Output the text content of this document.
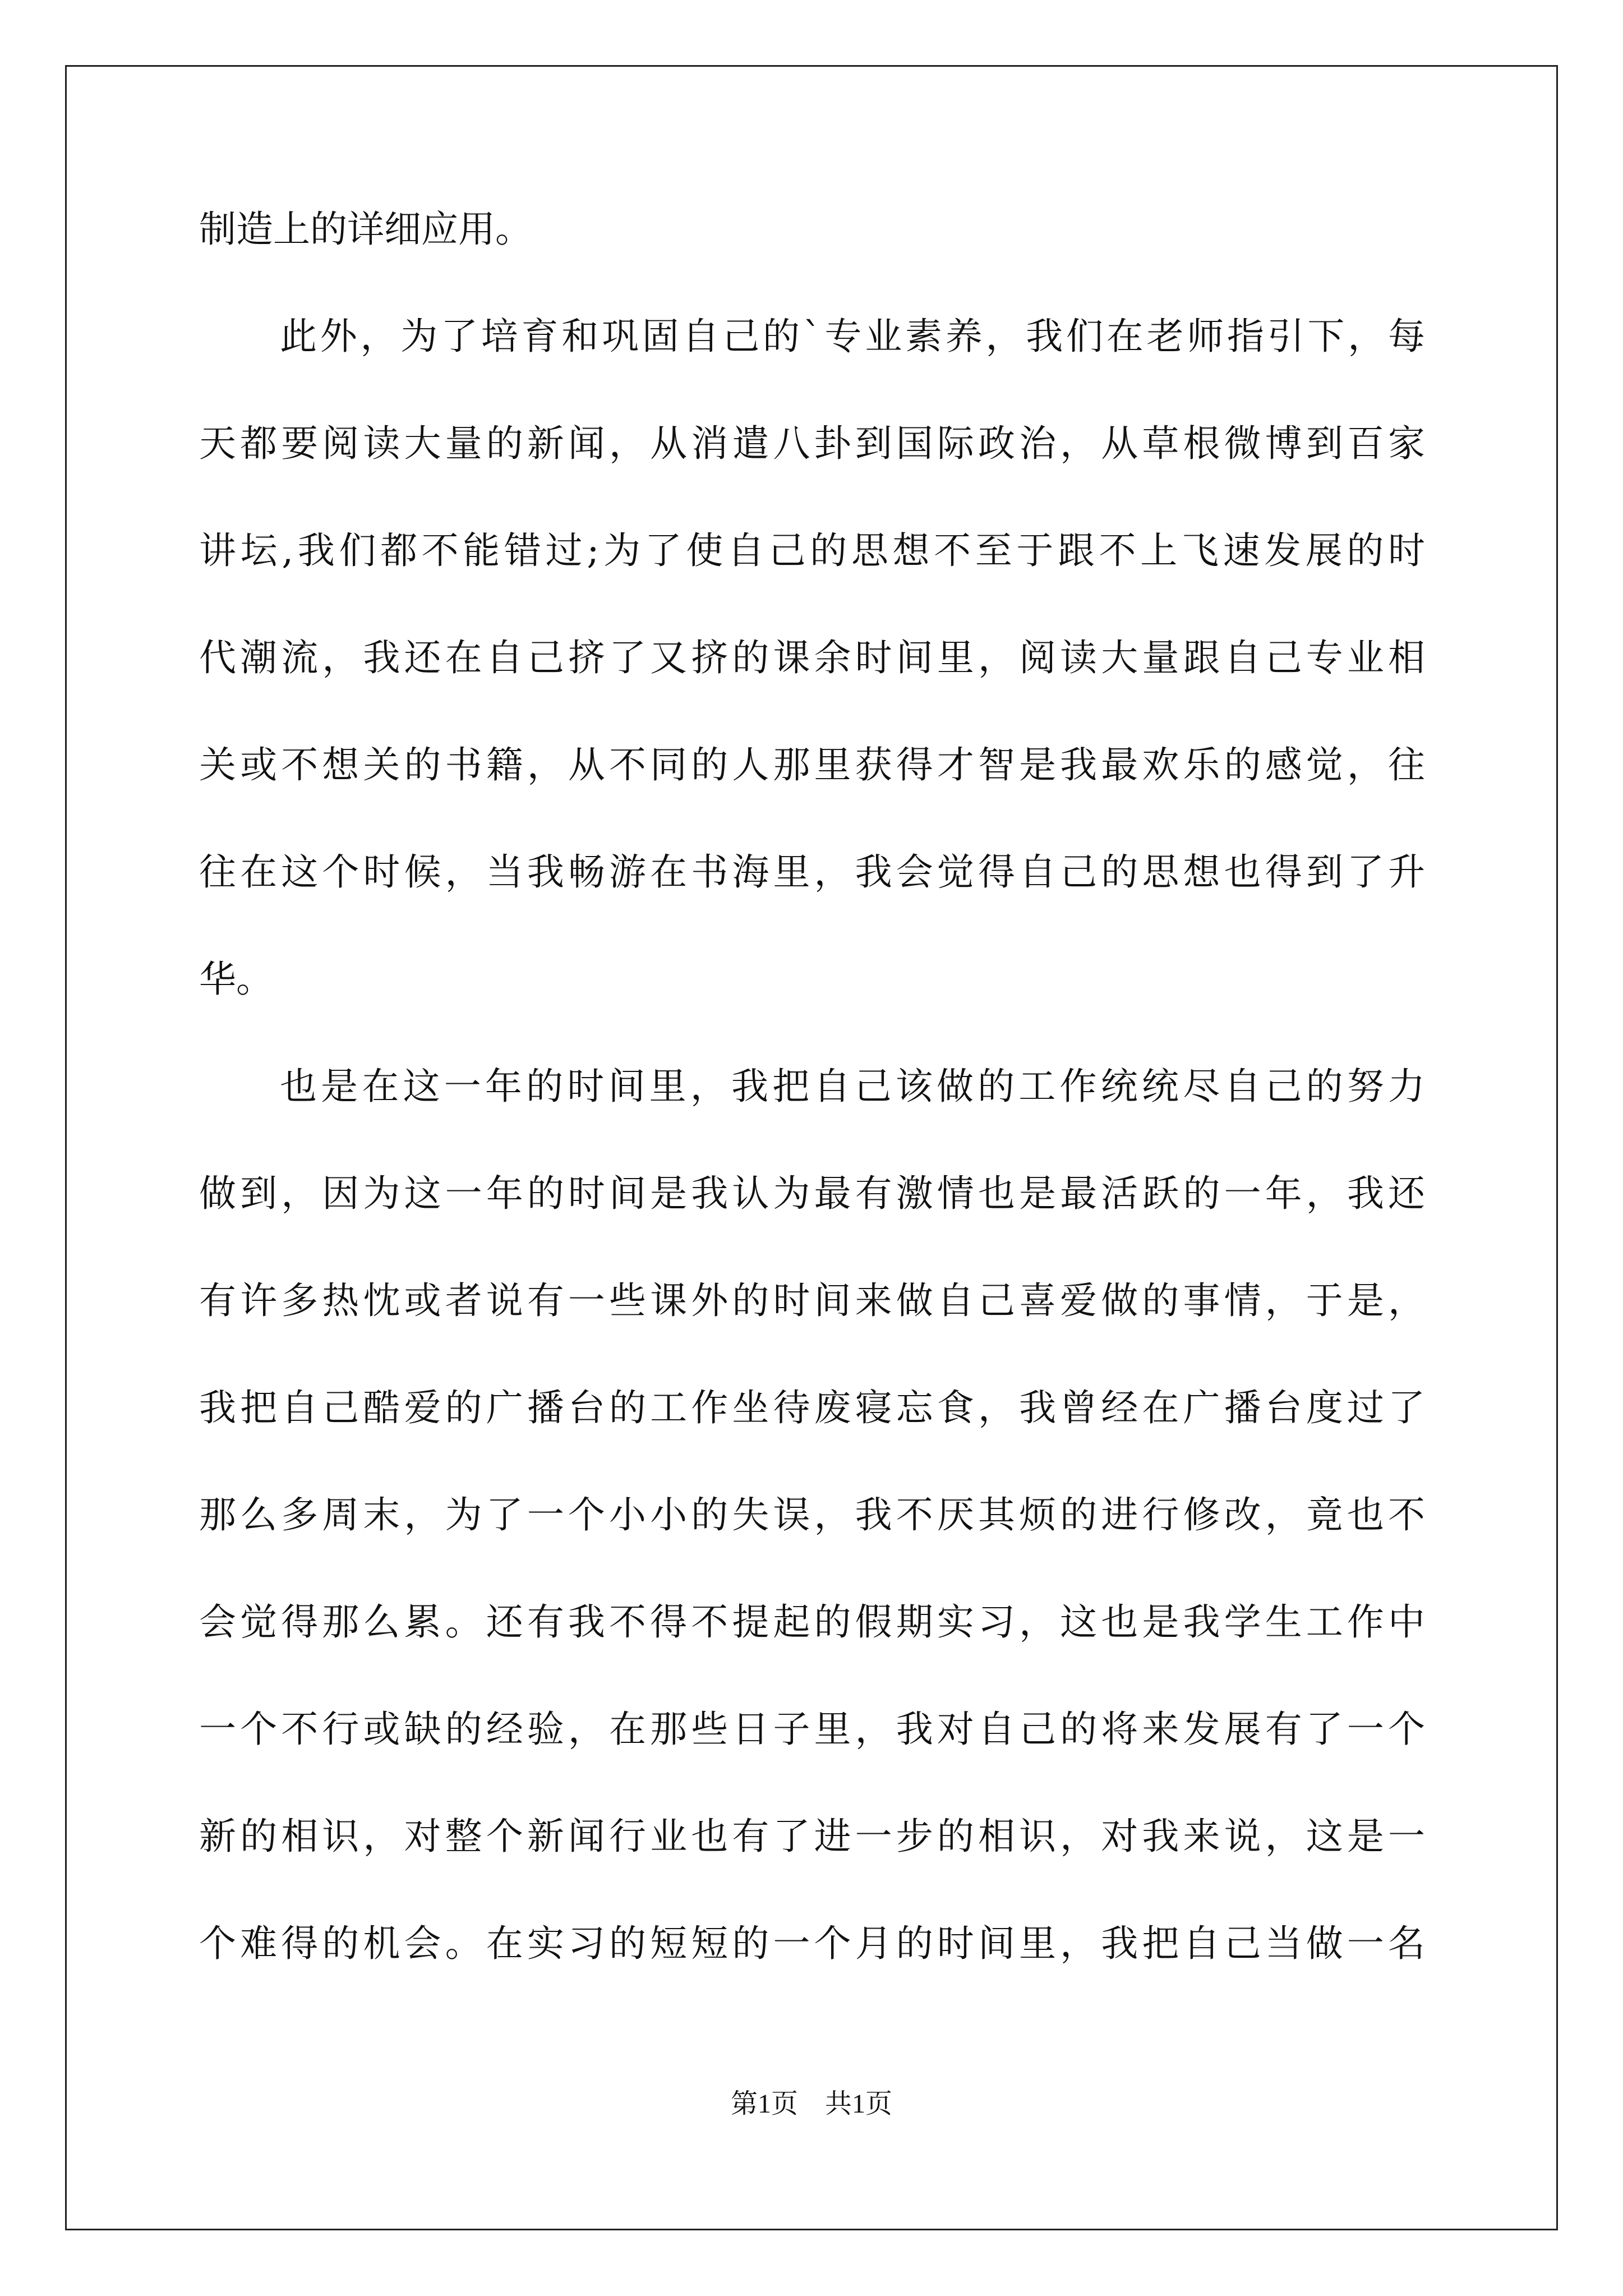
制造上的详细应用。
此外，为了培育和巩固自己的`专业素养，我们在老师指引下，每
天都要阅读大量的新闻，从消遣八卦到国际政治，从草根微博到百家
讲坛,我们都不能错过;为了使自己的思想不至于跟不上飞速发展的时
代潮流，我还在自己挤了又挤的课余时间里，阅读大量跟自己专业相
关或不想关的书籍，从不同的人那里获得才智是我最欢乐的感觉，往
往在这个时候，当我畅游在书海里，我会觉得自己的思想也得到了升
华。
也是在这一年的时间里，我把自己该做的工作统统尽自己的努力
做到，因为这一年的时间是我认为最有激情也是最活跃的一年，我还
有许多热忱或者说有一些课外的时间来做自己喜爱做的事情，于是，
我把自己酷爱的广播台的工作坐待废寝忘食，我曾经在广播台度过了
那么多周末，为了一个小小的失误，我不厌其烦的进行修改，竟也不
会觉得那么累。还有我不得不提起的假期实习，这也是我学生工作中
一个不行或缺的经验，在那些日子里，我对自己的将来发展有了一个
新的相识，对整个新闻行业也有了进一步的相识，对我来说，这是一
个难得的机会。在实习的短短的一个月的时间里，我把自己当做一名
第1页 共1页
